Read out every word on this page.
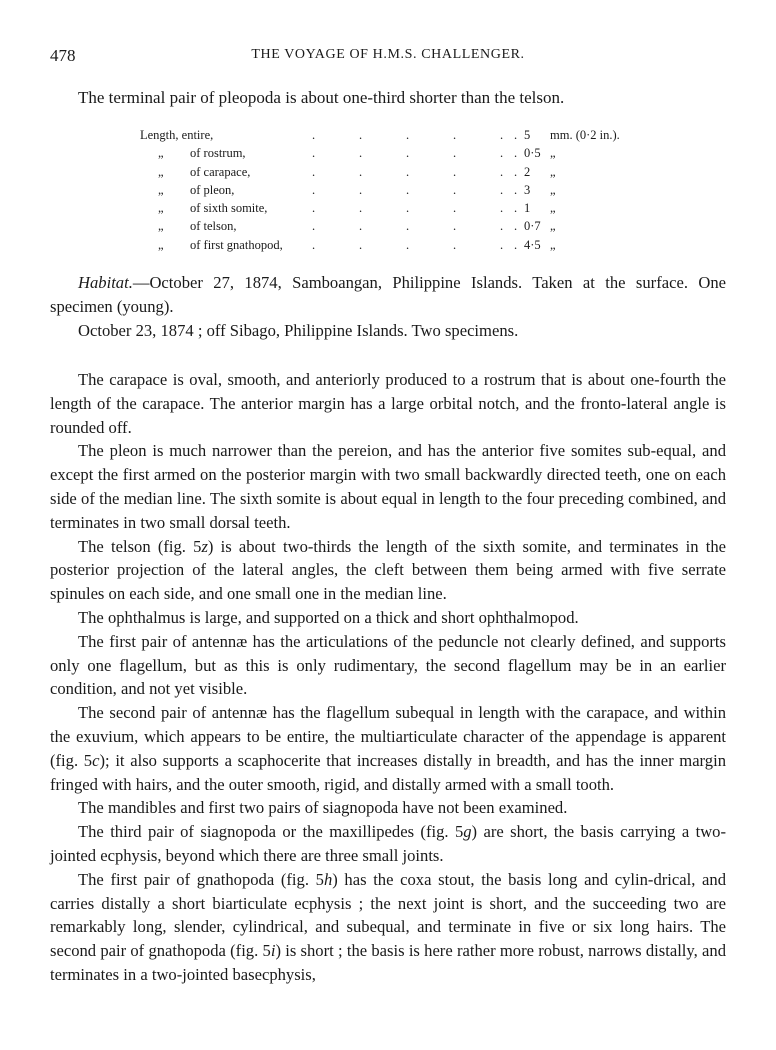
478	THE VOYAGE OF H.M.S. CHALLENGER.
The terminal pair of pleopoda is about one-third shorter than the telson.
Length, entire,	.	.	.	.	. . 5	mm. (0·2 in.).
„ of rostrum,	.	.	.	.	. . 0·5 „
„ of carapace,	.	.	.	.	. . 2	„
„ of pleon,	.	.	.	.	. . 3	„
„ of sixth somite,	.	.	.	.	. . 1	„
„ of telson,	.	.	.	.	. . 0·7 „
„ of first gnathopod, .	.	.	.	. . 4·5 „

Habitat.—October 27, 1874, Samboangan, Philippine Islands. Taken at the surface. One specimen (young).

October 23, 1874 ; off Sibago, Philippine Islands. Two specimens.

The carapace is oval, smooth, and anteriorly produced to a rostrum that is about one-fourth the length of the carapace. The anterior margin has a large orbital notch, and the fronto-lateral angle is rounded off.

The pleon is much narrower than the pereion, and has the anterior five somites sub-equal, and except the first armed on the posterior margin with two small backwardly directed teeth, one on each side of the median line. The sixth somite is about equal in length to the four preceding combined, and terminates in two small dorsal teeth.

The telson (fig. 5z) is about two-thirds the length of the sixth somite, and terminates in the posterior projection of the lateral angles, the cleft between them being armed with five serrate spinules on each side, and one small one in the median line.

The ophthalmus is large, and supported on a thick and short ophthalmopod.

The first pair of antennæ has the articulations of the peduncle not clearly defined, and supports only one flagellum, but as this is only rudimentary, the second flagellum may be in an earlier condition, and not yet visible.

The second pair of antennæ has the flagellum subequal in length with the carapace, and within the exuvium, which appears to be entire, the multiarticulate character of the appendage is apparent (fig. 5c); it also supports a scaphocerite that increases distally in breadth, and has the inner margin fringed with hairs, and the outer smooth, rigid, and distally armed with a small tooth.

The mandibles and first two pairs of siagnopoda have not been examined.

The third pair of siagnopoda or the maxillipedes (fig. 5g) are short, the basis carrying a two-jointed ecphysis, beyond which there are three small joints.

The first pair of gnathopoda (fig. 5h) has the coxa stout, the basis long and cylin-drical, and carries distally a short biarticulate ecphysis ; the next joint is short, and the succeeding two are remarkably long, slender, cylindrical, and subequal, and terminate in five or six long hairs. The second pair of gnathopoda (fig. 5i) is short ; the basis is here rather more robust, narrows distally, and terminates in a two-jointed basecphysis,
